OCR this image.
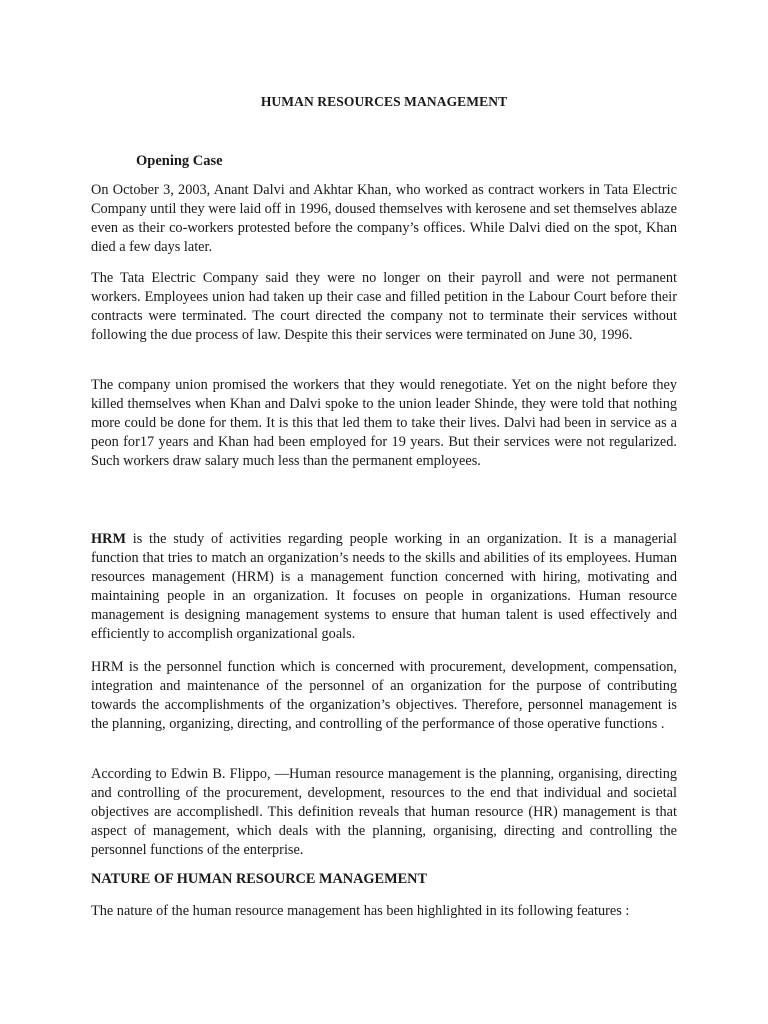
HUMAN RESOURCES MANAGEMENT
Opening Case

On October 3, 2003, Anant Dalvi and Akhtar Khan, who worked as contract workers in Tata Electric Company until they were laid off in 1996, doused themselves with kerosene and set themselves ablaze even as their co-workers protested before the company’s offices. While Dalvi died on the spot, Khan died a few days later.

The Tata Electric Company said they were no longer on their payroll and were not permanent workers. Employees union had taken up their case and filled petition in the Labour Court before their contracts were terminated. The court directed the company not to terminate their services without following the due process of law. Despite this their services were terminated on June 30, 1996.

The company union promised the workers that they would renegotiate. Yet on the night before they killed themselves when Khan and Dalvi spoke to the union leader Shinde, they were told that nothing more could be done for them. It is this that led them to take their lives. Dalvi had been in service as a peon for17 years and Khan had been employed for 19 years. But their services were not regularized. Such workers draw salary much less than the permanent employees.

HRM is the study of activities regarding people working in an organization. It is a managerial function that tries to match an organization’s needs to the skills and abilities of its employees. Human resources management (HRM) is a management function concerned with hiring, motivating and maintaining people in an organization. It focuses on people in organizations. Human resource management is designing management systems to ensure that human talent is used effectively and efficiently to accomplish organizational goals.

HRM is the personnel function which is concerned with procurement, development, compensation, integration and maintenance of the personnel of an organization for the purpose of contributing towards the accomplishments of the organization’s objectives. Therefore, personnel management is the planning, organizing, directing, and controlling of the performance of those operative functions .

According to Edwin B. Flippo, —Human resource management is the planning, organising, directing and controlling of the procurement, development, resources to the end that individual and societal objectives are accomplished‖. This definition reveals that human resource (HR) management is that aspect of management, which deals with the planning, organising, directing and controlling the personnel functions of the enterprise.

NATURE OF HUMAN RESOURCE MANAGEMENT

The nature of the human resource management has been highlighted in its following features :
